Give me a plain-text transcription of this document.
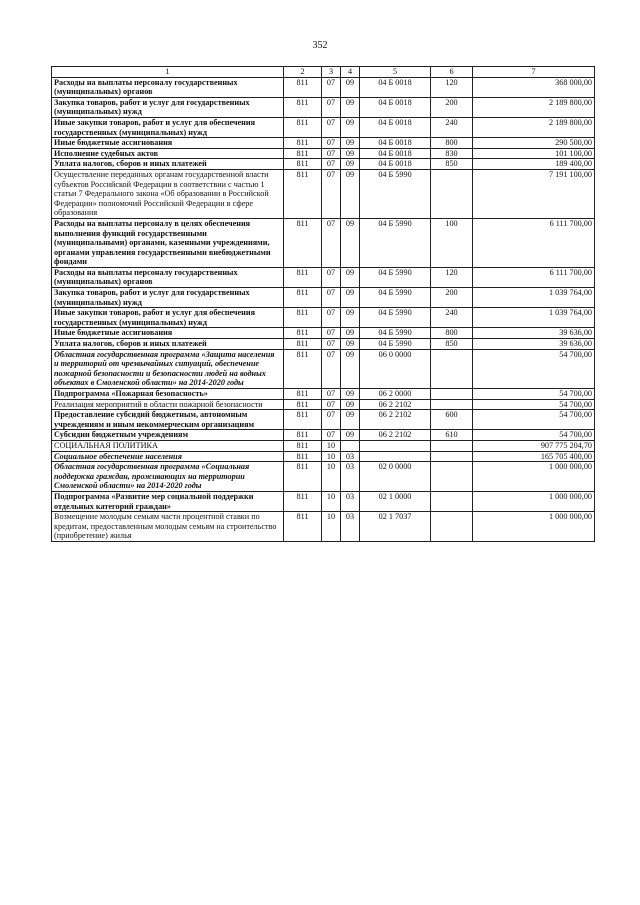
352
1	2	3	4	5	6	7
Расходы на выплаты персоналу государственных (муниципальных) органов	811	07	09	04 Б 0018	120	368 000,00
Закупка товаров, работ и услуг для государственных (муниципальных) нужд	811	07	09	04 Б 0018	200	2 189 800,00
Иные закупки товаров, работ и услуг для обеспечения государственных (муниципальных) нужд	811	07	09	04 Б 0018	240	2 189 800,00
Иные бюджетные ассигнования	811	07	09	04 Б 0018	800	290 500,00
Исполнение судебных актов	811	07	09	04 Б 0018	830	101 100,00
Уплата налогов, сборов и иных платежей	811	07	09	04 Б 0018	850	189 400,00
Осуществление переданных органам государственной власти субъектов Российской Федерации в соответствии с частью 1 статьи 7 Федерального закона «Об образовании в Российской Федерации» полномочий Российской Федерации в сфере образования	811	07	09	04 Б 5990		7 191 100,00
Расходы на выплаты персоналу в целях обеспечения выполнения функций государственными (муниципальными) органами, казенными учреждениями, органами управления государственными внебюджетными фондами	811	07	09	04 Б 5990	100	6 111 700,00
Расходы на выплаты персоналу государственных (муниципальных) органов	811	07	09	04 Б 5990	120	6 111 700,00
Закупка товаров, работ и услуг для государственных (муниципальных) нужд	811	07	09	04 Б 5990	200	1 039 764,00
Иные закупки товаров, работ и услуг для обеспечения государственных (муниципальных) нужд	811	07	09	04 Б 5990	240	1 039 764,00
Иные бюджетные ассигнования	811	07	09	04 Б 5990	800	39 636,00
Уплата налогов, сборов и иных платежей	811	07	09	04 Б 5990	850	39 636,00
Областная государственная программа «Защита населения и территорий от чрезвычайных ситуаций, обеспечение пожарной безопасности и безопасности людей на водных объектах в Смоленской области» на 2014-2020 годы	811	07	09	06 0 0000		54 700,00
Подпрограмма «Пожарная безопасность»	811	07	09	06 2 0000		54 700,00
Реализация мероприятий в области пожарной безопасности	811	07	09	06 2 2102		54 700,00
Предоставление субсидий бюджетным, автономным учреждениям и иным некоммерческим организациям	811	07	09	06 2 2102	600	54 700,00
Субсидии бюджетным учреждениям	811	07	09	06 2 2102	610	54 700,00
СОЦИАЛЬНАЯ ПОЛИТИКА	811	10				907 775 204,70
Социальное обеспечение населения	811	10	03			165 705 400,00
Областная государственная программа «Социальная поддержка граждан, проживающих на территории Смоленской области» на 2014-2020 годы	811	10	03	02 0 0000		1 000 000,00
Подпрограмма «Развитие мер социальной поддержки отдельных категорий граждан»	811	10	03	02 1 0000		1 000 000,00
Возмещение молодым семьям части процентной ставки по кредитам, предоставленным молодым семьям на строительство (приобретение) жилья	811	10	03	02 1 7037		1 000 000,00
